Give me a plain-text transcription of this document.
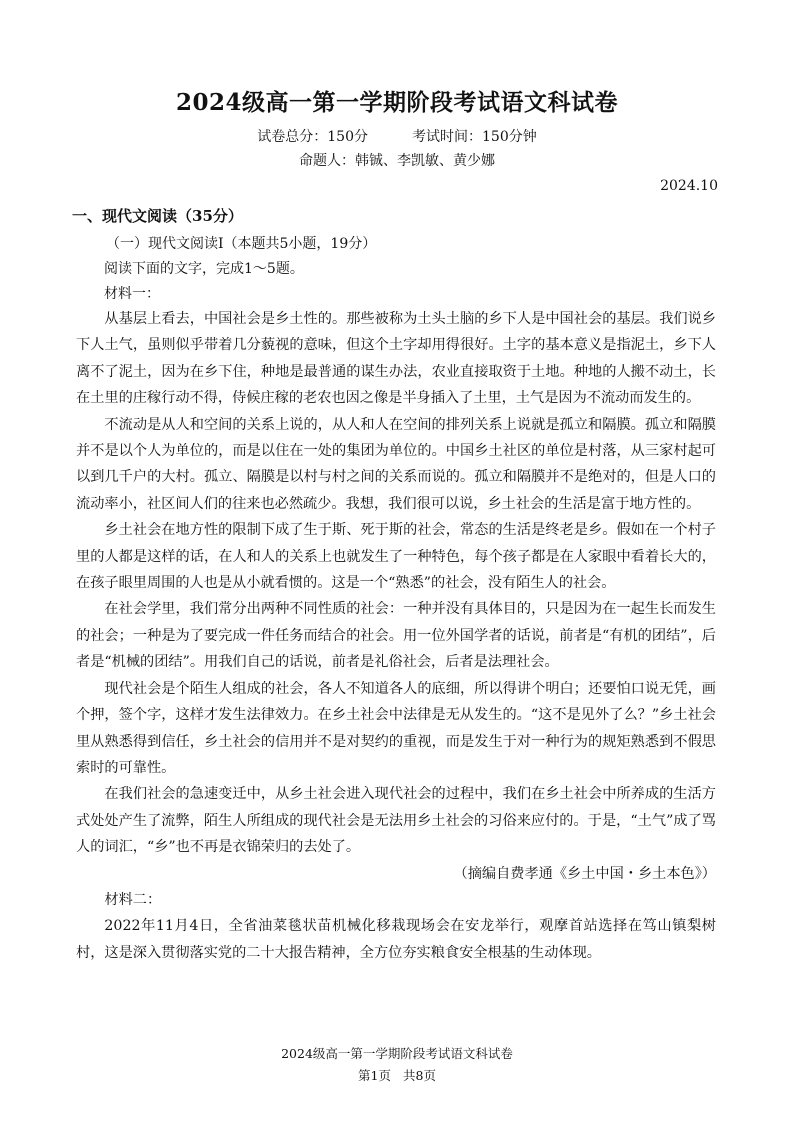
2024级高一第一学期阶段考试语文科试卷
试卷总分：150分	考试时间：150分钟
命题人：韩铖、李凯敏、黄少娜
2024.10
一、现代文阅读（35分）
（一）现代文阅读Ⅰ（本题共5小题，19分）
阅读下面的文字，完成1～5题。
材料一：

从基层上看去，中国社会是乡土性的。那些被称为土头土脑的乡下人是中国社会的基层。我们说乡下人土气，虽则似乎带着几分藐视的意味，但这个土字却用得很好。土字的基本意义是指泥土，乡下人离不了泥土，因为在乡下住，种地是最普通的谋生办法，农业直接取资于土地。种地的人搬不动土，长在土里的庄稼行动不得，侍候庄稼的老农也因之像是半身插入了土里，土气是因为不流动而发生的。

不流动是从人和空间的关系上说的，从人和人在空间的排列关系上说就是孤立和隔膜。孤立和隔膜并不是以个人为单位的，而是以住在一处的集团为单位的。中国乡土社区的单位是村落，从三家村起可以到几千户的大村。孤立、隔膜是以村与村之间的关系而说的。孤立和隔膜并不是绝对的，但是人口的流动率小，社区间人们的往来也必然疏少。我想，我们很可以说，乡土社会的生活是富于地方性的。

乡土社会在地方性的限制下成了生于斯、死于斯的社会，常态的生活是终老是乡。假如在一个村子里的人都是这样的话，在人和人的关系上也就发生了一种特色，每个孩子都是在人家眼中看着长大的，在孩子眼里周围的人也是从小就看惯的。这是一个“熟悉”的社会，没有陌生人的社会。

在社会学里，我们常分出两种不同性质的社会：一种并没有具体目的，只是因为在一起生长而发生的社会；一种是为了要完成一件任务而结合的社会。用一位外国学者的话说，前者是“有机的团结”，后者是“机械的团结”。用我们自己的话说，前者是礼俗社会，后者是法理社会。

现代社会是个陌生人组成的社会，各人不知道各人的底细，所以得讲个明白；还要怕口说无凭，画个押，签个字，这样才发生法律效力。在乡土社会中法律是无从发生的。“这不是见外了么？”乡土社会里从熟悉得到信任，乡土社会的信用并不是对契约的重视，而是发生于对一种行为的规矩熟悉到不假思索时的可靠性。

在我们社会的急速变迁中，从乡土社会进入现代社会的过程中，我们在乡土社会中所养成的生活方式处处产生了流弊，陌生人所组成的现代社会是无法用乡土社会的习俗来应付的。于是，“土气”成了骂人的词汇，“乡”也不再是衣锦荣归的去处了。

（摘编自费孝通《乡土中国・乡土本色》）

材料二：

2022年11月4日，全省油菜毯状苗机械化移栽现场会在安龙举行，观摩首站选择在笃山镇梨树村，这是深入贯彻落实党的二十大报告精神，全方位夯实粮食安全根基的生动体现。

2024级高一第一学期阶段考试语文科试卷
第1页 共8页
